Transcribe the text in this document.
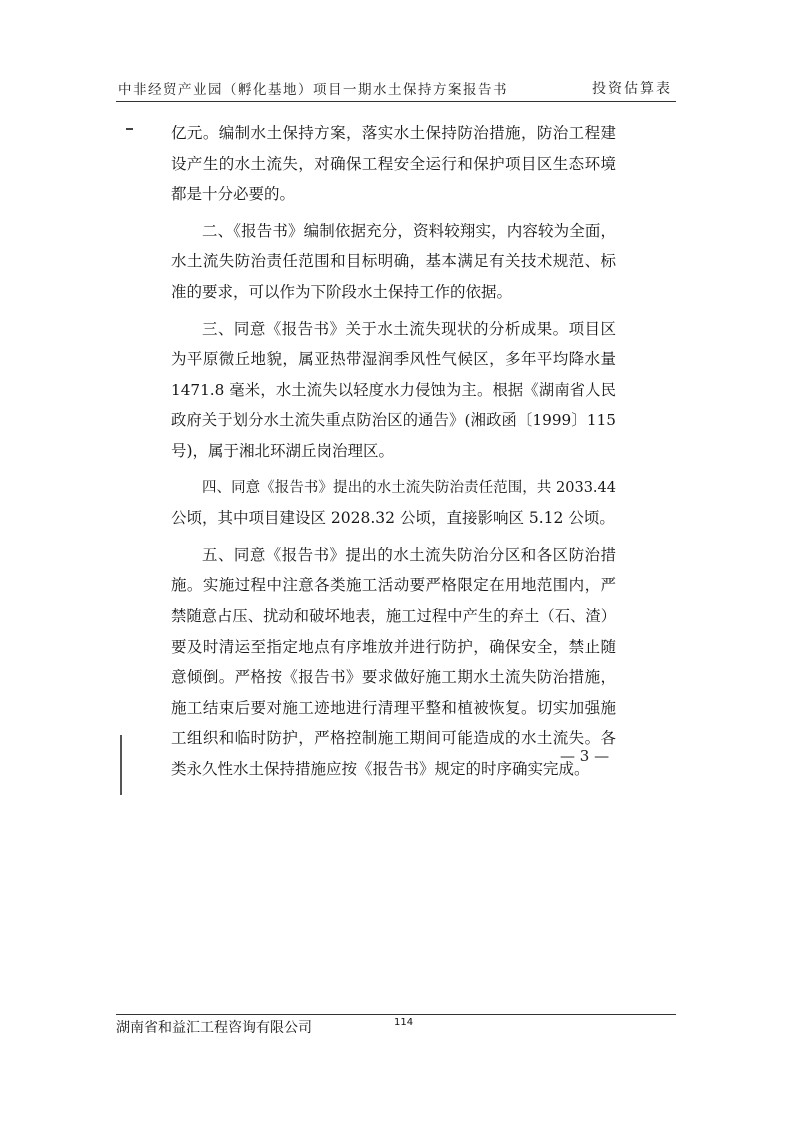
中非经贸产业园（孵化基地）项目一期水土保持方案报告书	投资估算表
亿元。编制水土保持方案，落实水土保持防治措施，防治工程建
设产生的水土流失，对确保工程安全运行和保护项目区生态环境
都是十分必要的。
二、《报告书》编制依据充分，资料较翔实，内容较为全面，
水土流失防治责任范围和目标明确，基本满足有关技术规范、标
准的要求，可以作为下阶段水土保持工作的依据。
三、同意《报告书》关于水土流失现状的分析成果。项目区
为平原微丘地貌，属亚热带湿润季风性气候区，多年平均降水量
1471.8 毫米，水土流失以轻度水力侵蚀为主。根据《湖南省人民
政府关于划分水土流失重点防治区的通告》(湘政函〔1999〕115
号)，属于湘北环湖丘岗治理区。
四、同意《报告书》提出的水土流失防治责任范围，共 2033.44
公顷，其中项目建设区 2028.32 公顷，直接影响区 5.12 公顷。
五、同意《报告书》提出的水土流失防治分区和各区防治措
施。实施过程中注意各类施工活动要严格限定在用地范围内，严
禁随意占压、扰动和破坏地表，施工过程中产生的弃土（石、渣）
要及时清运至指定地点有序堆放并进行防护，确保安全，禁止随
意倾倒。严格按《报告书》要求做好施工期水土流失防治措施，
施工结束后要对施工迹地进行清理平整和植被恢复。切实加强施
工组织和临时防护，严格控制施工期间可能造成的水土流失。各
类永久性水土保持措施应按《报告书》规定的时序确实完成。
— 3 —
湖南省和益汇工程咨询有限公司	114
